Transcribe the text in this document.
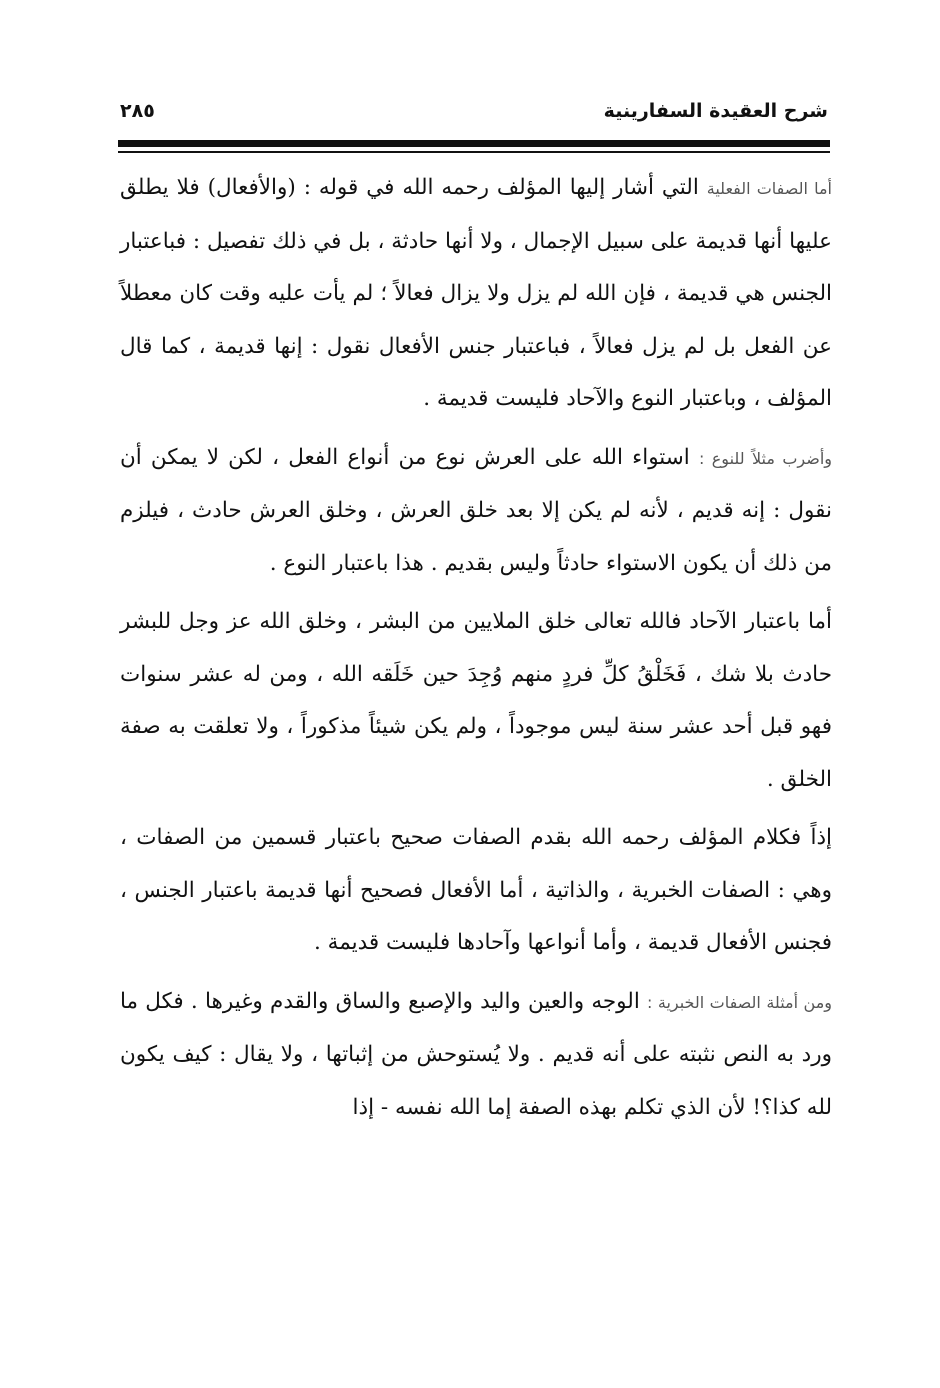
شرح العقيدة السفارينية
٢٨٥

أما الصفات الفعلية التي أشار إليها المؤلف رحمه الله في قوله : (والأفعال) فلا يطلق عليها أنها قديمة على سبيل الإجمال ، ولا أنها حادثة ، بل في ذلك تفصيل : فباعتبار الجنس هي قديمة ، فإن الله لم يزل ولا يزال فعالاً ؛ لم يأت عليه وقت كان معطلاً عن الفعل بل لم يزل فعالاً ، فباعتبار جنس الأفعال نقول : إنها قديمة ، كما قال المؤلف ، وباعتبار النوع والآحاد فليست قديمة .

وأضرب مثلاً للنوع : استواء الله على العرش نوع من أنواع الفعل ، لكن لا يمكن أن نقول : إنه قديم ، لأنه لم يكن إلا بعد خلق العرش ، وخلق العرش حادث ، فيلزم من ذلك أن يكون الاستواء حادثاً وليس بقديم . هذا باعتبار النوع .

أما باعتبار الآحاد فالله تعالى خلق الملايين من البشر ، وخلق الله عز وجل للبشر حادث بلا شك ، فَخَلْقُ كلِّ فردٍ منهم وُجِدَ حين خَلَقه الله ، ومن له عشر سنوات فهو قبل أحد عشر سنة ليس موجوداً ، ولم يكن شيئاً مذكوراً ، ولا تعلقت به صفة الخلق .

إذاً فكلام المؤلف رحمه الله بقدم الصفات صحيح باعتبار قسمين من الصفات ، وهي : الصفات الخبرية ، والذاتية ، أما الأفعال فصحيح أنها قديمة باعتبار الجنس ، فجنس الأفعال قديمة ، وأما أنواعها وآحادها فليست قديمة .

ومن أمثلة الصفات الخبرية : الوجه والعين واليد والإصبع والساق والقدم وغيرها . فكل ما ورد به النص نثبته على أنه قديم . ولا يُستوحش من إثباتها ، ولا يقال : كيف يكون لله كذا؟! لأن الذي تكلم بهذه الصفة إما الله نفسه - إذا
